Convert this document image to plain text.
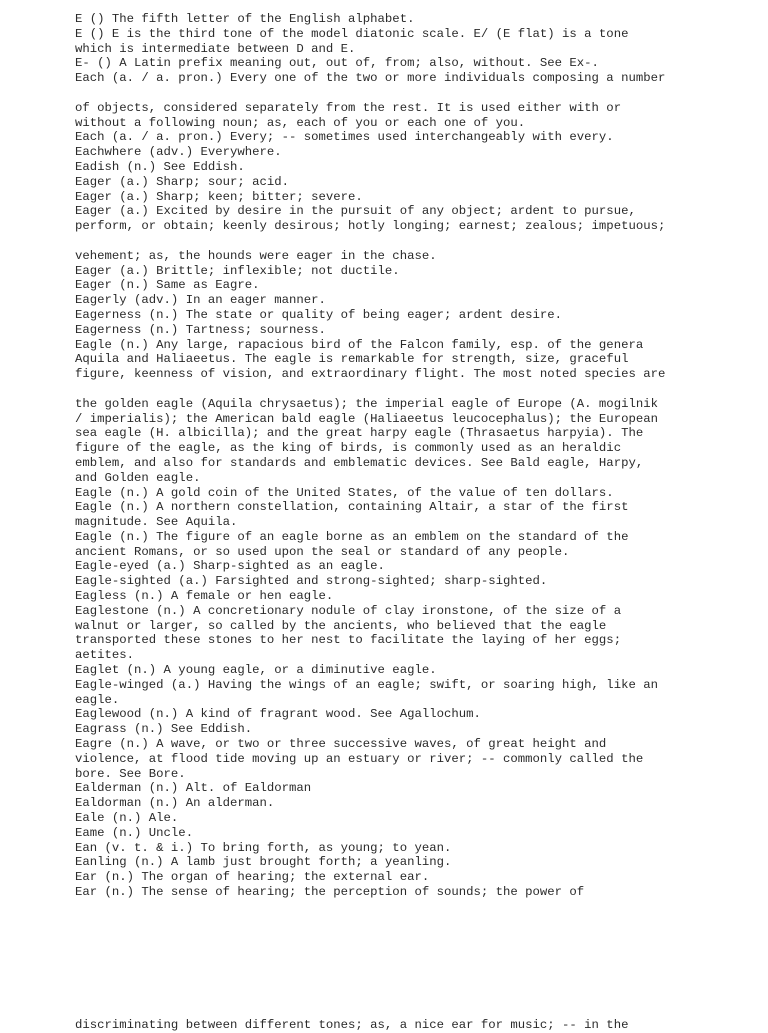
E () The fifth letter of the English alphabet.
E () E is the third tone of the model diatonic scale. E/ (E flat) is a tone
which is intermediate between D and E.
E- () A Latin prefix meaning out, out of, from; also, without. See Ex-.
Each (a. / a. pron.) Every one of the two or more individuals composing a number
of objects, considered separately from the rest. It is used either with or
without a following noun; as, each of you or each one of you.
Each (a. / a. pron.) Every; -- sometimes used interchangeably with every.
Eachwhere (adv.) Everywhere.
Eadish (n.) See Eddish.
Eager (a.) Sharp; sour; acid.
Eager (a.) Sharp; keen; bitter; severe.
Eager (a.) Excited by desire in the pursuit of any object; ardent to pursue,
perform, or obtain; keenly desirous; hotly longing; earnest; zealous; impetuous;
vehement; as, the hounds were eager in the chase.
Eager (a.) Brittle; inflexible; not ductile.
Eager (n.) Same as Eagre.
Eagerly (adv.) In an eager manner.
Eagerness (n.) The state or quality of being eager; ardent desire.
Eagerness (n.) Tartness; sourness.
Eagle (n.) Any large, rapacious bird of the Falcon family, esp. of the genera
Aquila and Haliaeetus. The eagle is remarkable for strength, size, graceful
figure, keenness of vision, and extraordinary flight. The most noted species are
the golden eagle (Aquila chrysaetus); the imperial eagle of Europe (A. mogilnik
/ imperialis); the American bald eagle (Haliaeetus leucocephalus); the European
sea eagle (H. albicilla); and the great harpy eagle (Thrasaetus harpyia). The
figure of the eagle, as the king of birds, is commonly used as an heraldic
emblem, and also for standards and emblematic devices. See Bald eagle, Harpy,
and Golden eagle.
Eagle (n.) A gold coin of the United States, of the value of ten dollars.
Eagle (n.) A northern constellation, containing Altair, a star of the first
magnitude. See Aquila.
Eagle (n.) The figure of an eagle borne as an emblem on the standard of the
ancient Romans, or so used upon the seal or standard of any people.
Eagle-eyed (a.) Sharp-sighted as an eagle.
Eagle-sighted (a.) Farsighted and strong-sighted; sharp-sighted.
Eagless (n.) A female or hen eagle.
Eaglestone (n.) A concretionary nodule of clay ironstone, of the size of a
walnut or larger, so called by the ancients, who believed that the eagle
transported these stones to her nest to facilitate the laying of her eggs;
aetites.
Eaglet (n.) A young eagle, or a diminutive eagle.
Eagle-winged (a.) Having the wings of an eagle; swift, or soaring high, like an
eagle.
Eaglewood (n.) A kind of fragrant wood. See Agallochum.
Eagrass (n.) See Eddish.
Eagre (n.) A wave, or two or three successive waves, of great height and
violence, at flood tide moving up an estuary or river; -- commonly called the
bore. See Bore.
Ealderman (n.) Alt. of Ealdorman
Ealdorman (n.) An alderman.
Eale (n.) Ale.
Eame (n.) Uncle.
Ean (v. t. & i.) To bring forth, as young; to yean.
Eanling (n.) A lamb just brought forth; a yeanling.
Ear (n.) The organ of hearing; the external ear.
Ear (n.) The sense of hearing; the perception of sounds; the power of
discriminating between different tones; as, a nice ear for music; -- in the
